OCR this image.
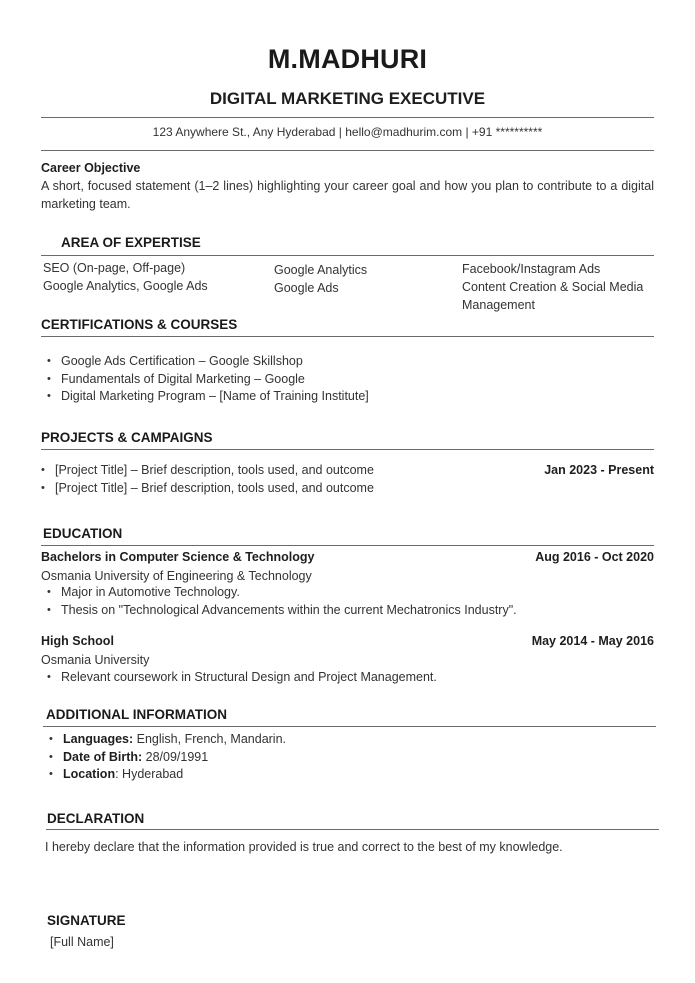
M.MADHURI
DIGITAL MARKETING EXECUTIVE
123 Anywhere St., Any Hyderabad | hello@madhurim.com | +91 **********
Career Objective
A short, focused statement (1–2 lines) highlighting your career goal and how you plan to contribute to a digital marketing team.
AREA OF EXPERTISE
SEO (On-page, Off-page)
Google Analytics, Google Ads
Google Analytics
Google Ads
Facebook/Instagram Ads
Content Creation & Social Media Management
CERTIFICATIONS & COURSES
• Google Ads Certification – Google Skillshop
• Fundamentals of Digital Marketing – Google
• Digital Marketing Program – [Name of Training Institute]
PROJECTS & CAMPAIGNS
• [Project Title] – Brief description, tools used, and outcome
• [Project Title] – Brief description, tools used, and outcome
Jan 2023 - Present
EDUCATION
Bachelors in Computer Science & Technology	Aug 2016 - Oct 2020
Osmania University of Engineering & Technology
• Major in Automotive Technology.
• Thesis on "Technological Advancements within the current Mechatronics Industry".
High School	May 2014 - May 2016
Osmania University
• Relevant coursework in Structural Design and Project Management.
ADDITIONAL INFORMATION
• Languages: English, French, Mandarin.
• Date of Birth: 28/09/1991
• Location: Hyderabad
DECLARATION
I hereby declare that the information provided is true and correct to the best of my knowledge.
SIGNATURE
[Full Name]
